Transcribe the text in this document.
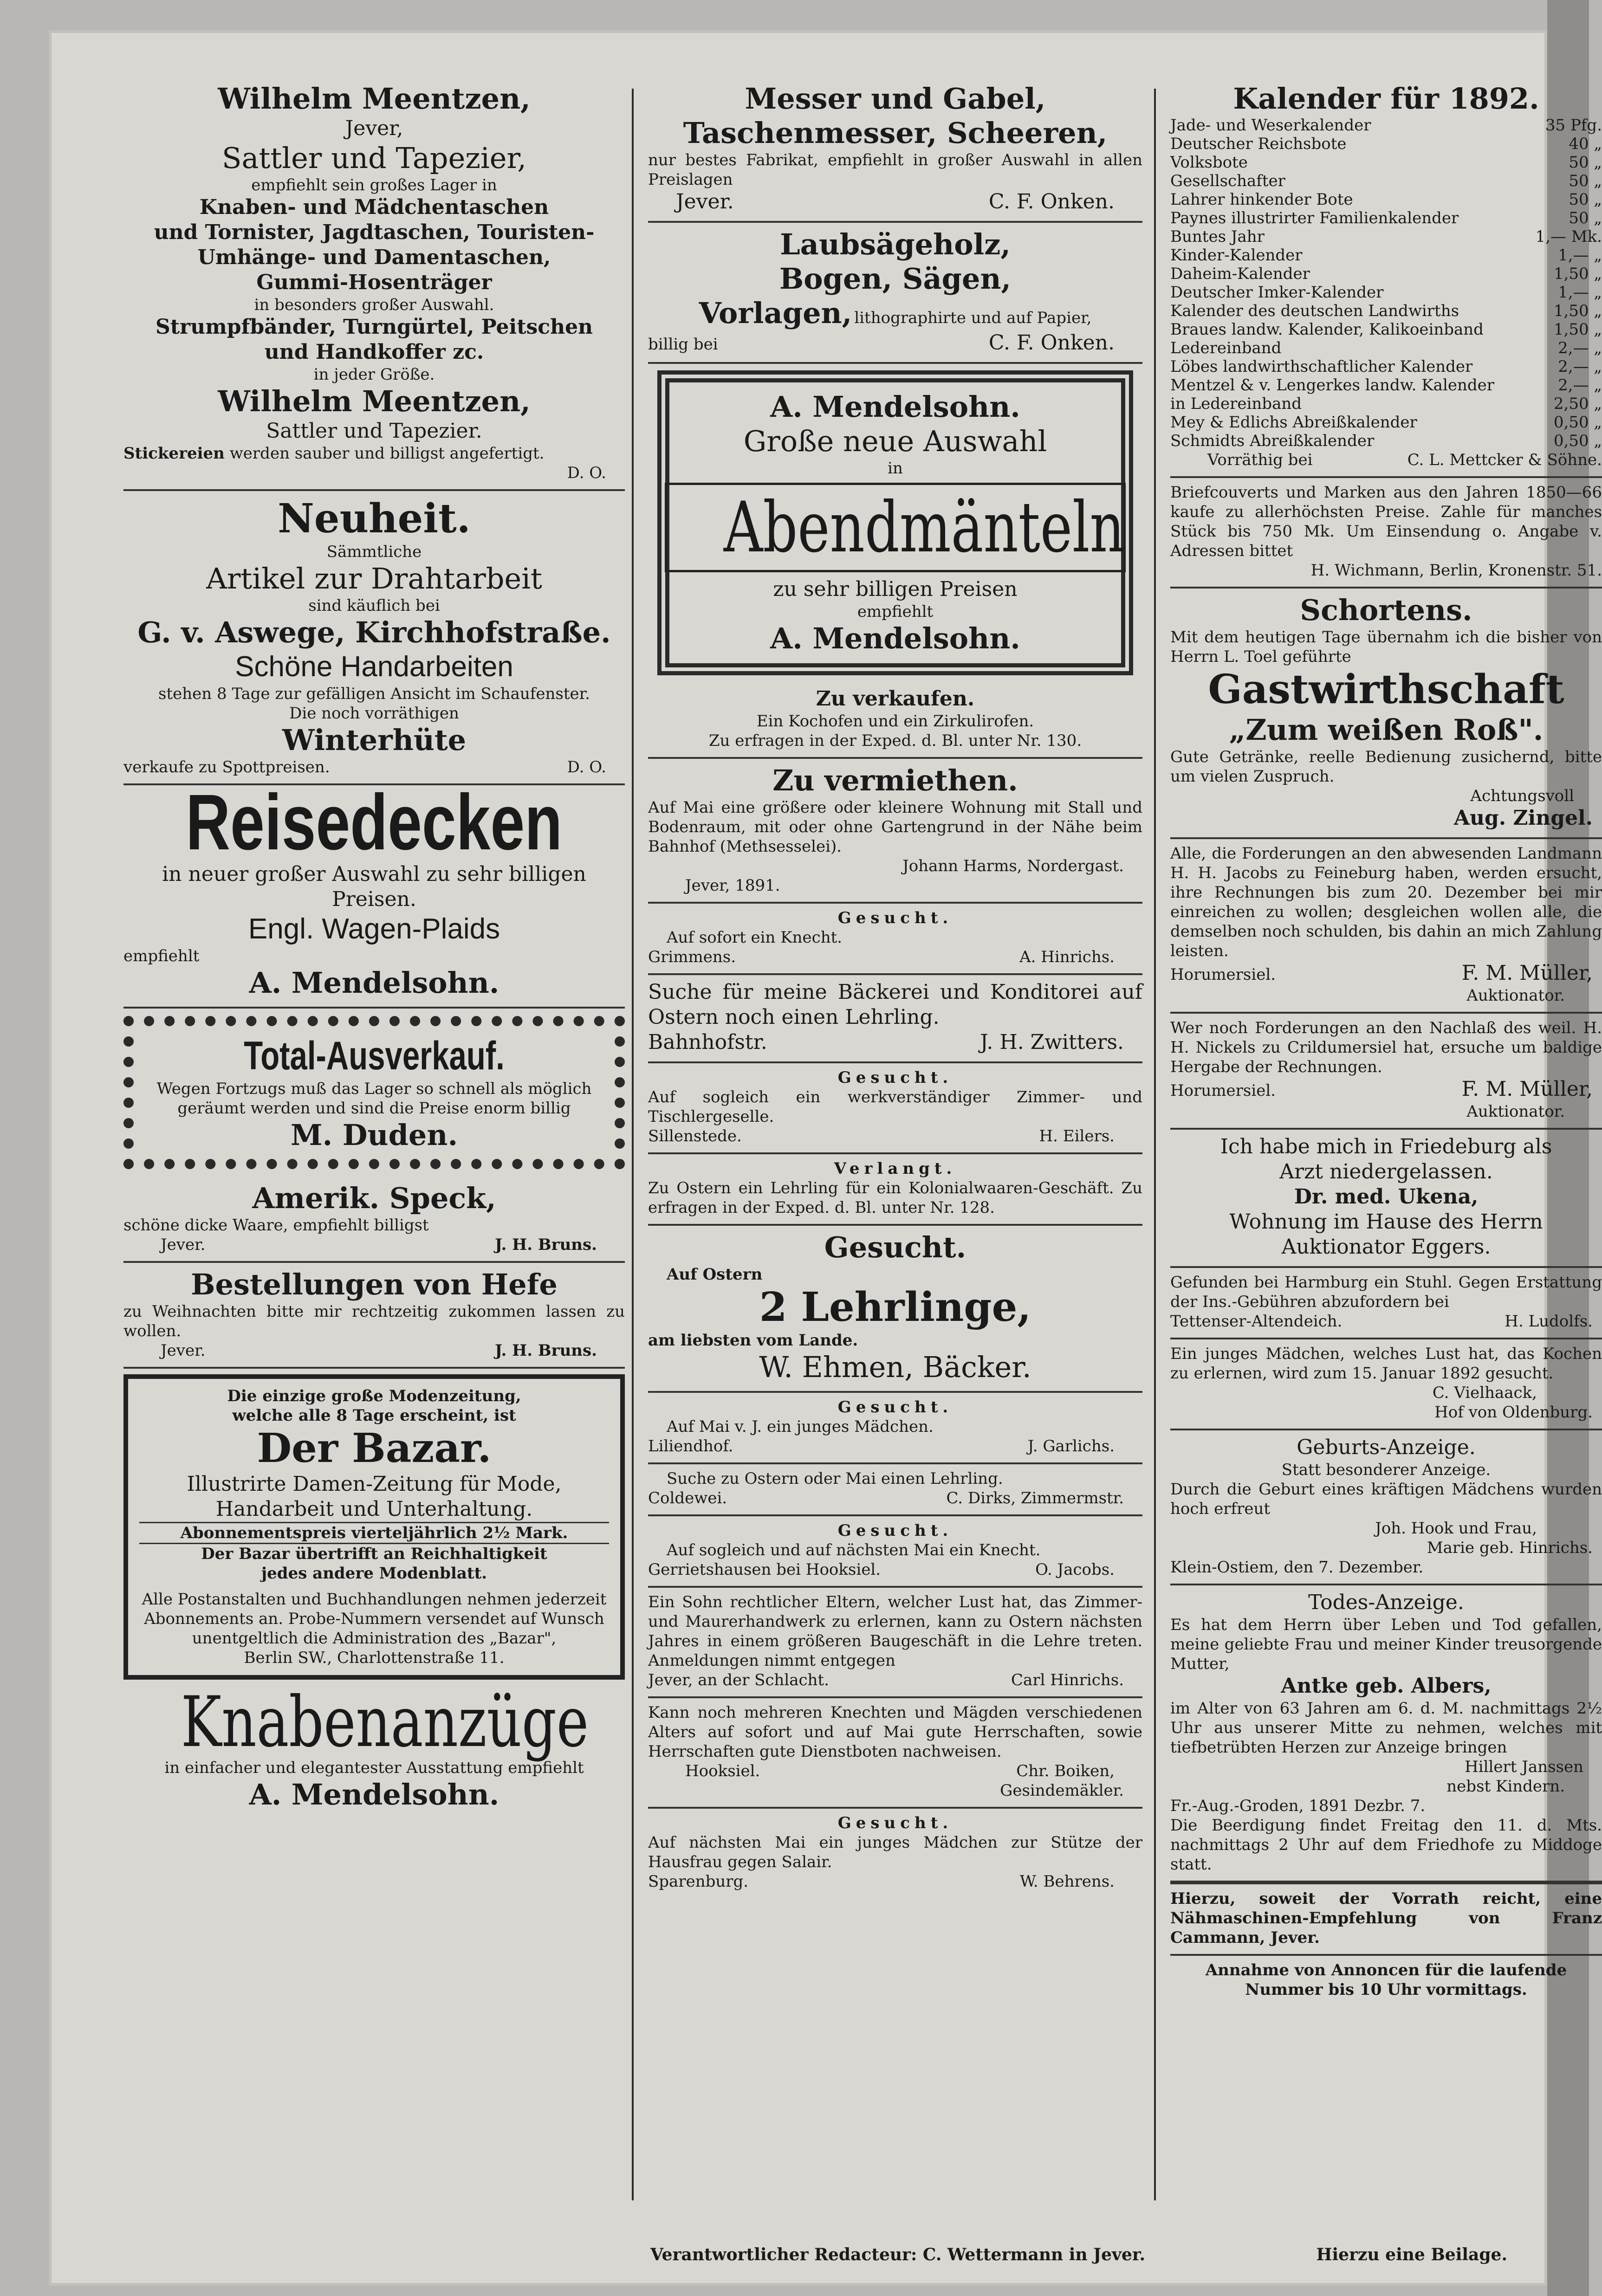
Wilhelm Meentzen,
Jever,
Sattler und Tapezier,
empfiehlt sein großes Lager in
Knaben- und Mädchentaschen
und Tornister, Jagdtaschen, Touristen-
Umhänge- und Damentaschen,
Gummi-Hosenträger
in besonders großer Auswahl.
Strumpfbänder, Turngürtel, Peitschen
und Handkoffer zc.
in jeder Größe.
Wilhelm Meentzen,
Sattler und Tapezier.
Stickereien werden sauber und billigst angefertigt.
D. O.
Neuheit.
Sämmtliche
Artikel zur Drahtarbeit
sind käuflich bei
G. v. Aswege, Kirchhofstraße.
Schöne Handarbeiten
stehen 8 Tage zur gefälligen Ansicht im Schaufenster.
Die noch vorräthigen
Winterhüte
verkaufe zu Spottpreisen.	D. O.
Reisedecken
in neuer großer Auswahl zu sehr billigen Preisen.
Engl. Wagen-Plaids
empfiehlt
A. Mendelsohn.
Total-Ausverkauf.
Wegen Fortzugs muß das Lager so schnell als möglich geräumt werden und sind die Preise enorm billig
M. Duden.
Amerik. Speck,
schöne dicke Waare, empfiehlt billigst
Jever.	J. H. Bruns.
Bestellungen von Hefe
zu Weihnachten bitte mir rechtzeitig zukommen lassen zu wollen.
Jever.	J. H. Bruns.
Die einzige große Modenzeitung,
welche alle 8 Tage erscheint, ist
Der Bazar.
Illustrirte Damen-Zeitung für Mode,
Handarbeit und Unterhaltung.
Abonnementspreis vierteljährlich 2½ Mark.
Der Bazar übertrifft an Reichhaltigkeit
jedes andere Modenblatt.
Alle Postanstalten und Buchhandlungen nehmen jederzeit Abonnements an. Probe-Nummern versendet auf Wunsch unentgeltlich die Administration des „Bazar",
Berlin SW., Charlottenstraße 11.
Knabenanzüge
in einfacher und elegantester Ausstattung empfiehlt
A. Mendelsohn.
Messer und Gabel,
Taschenmesser, Scheeren,
nur bestes Fabrikat, empfiehlt in großer Auswahl in allen Preislagen
Jever.	C. F. Onken.
Laubsägeholz,
Bogen, Sägen,
Vorlagen, lithographirte und auf Papier,
billig bei	C. F. Onken.
A. Mendelsohn.
Große neue Auswahl
in
Abendmänteln
zu sehr billigen Preisen
empfiehlt
A. Mendelsohn.
Zu verkaufen.
Ein Kochofen und ein Zirkulirofen.
Zu erfragen in der Exped. d. Bl. unter Nr. 130.
Zu vermiethen.
Auf Mai eine größere oder kleinere Wohnung mit Stall und Bodenraum, mit oder ohne Gartengrund in der Nähe beim Bahnhof (Methsesselei).
Johann Harms, Nordergast.
Jever, 1891.
Gesucht.
Auf sofort ein Knecht.
Grimmens.	A. Hinrichs.
Suche für meine Bäckerei und Konditorei auf Ostern noch einen Lehrling.
Bahnhofstr.	J. H. Zwitters.
Gesucht.
Auf sogleich ein werkverständiger Zimmer- und Tischlergeselle.
Sillenstede.	H. Eilers.
Verlangt.
Zu Ostern ein Lehrling für ein Kolonialwaaren-Geschäft. Zu erfragen in der Exped. d. Bl. unter Nr. 128.
Gesucht.
Auf Ostern
2 Lehrlinge,
am liebsten vom Lande.
W. Ehmen, Bäcker.
Gesucht.
Auf Mai v. J. ein junges Mädchen.
Liliendhof.	J. Garlichs.
Suche zu Ostern oder Mai einen Lehrling.
Coldewei.	C. Dirks, Zimmermstr.
Gesucht.
Auf sogleich und auf nächsten Mai ein Knecht.
Gerrietshausen bei Hooksiel.	O. Jacobs.
Ein Sohn rechtlicher Eltern, welcher Lust hat, das Zimmer- und Maurerhandwerk zu erlernen, kann zu Ostern nächsten Jahres in einem größeren Baugeschäft in die Lehre treten. Anmeldungen nimmt entgegen
Jever, an der Schlacht.	Carl Hinrichs.
Kann noch mehreren Knechten und Mägden verschiedenen Alters auf sofort und auf Mai gute Herrschaften, sowie Herrschaften gute Dienstboten nachweisen.
Hooksiel.	Chr. Boiken,
Gesindemäkler.
Gesucht.
Auf nächsten Mai ein junges Mädchen zur Stütze der Hausfrau gegen Salair.
Sparenburg.	W. Behrens.
Kalender für 1892.
Jade- und Weserkalender	35 Pfg.
Deutscher Reichsbote	40 „
Volksbote	50 „
Gesellschafter	50 „
Lahrer hinkender Bote	50 „
Paynes illustrirter Familienkalender	50 „
Buntes Jahr	1,— Mk.
Kinder-Kalender	1,— „
Daheim-Kalender	1,50 „
Deutscher Imker-Kalender	1,— „
Kalender des deutschen Landwirths	1,50 „
Braues landw. Kalender, Kalikoeinband	1,50 „
Ledereinband	2,— „
Löbes landwirthschaftlicher Kalender	2,— „
Mentzel & v. Lengerkes landw. Kalender	2,— „
in Ledereinband	2,50 „
Mey & Edlichs Abreißkalender	0,50 „
Schmidts Abreißkalender	0,50 „
Vorräthig bei	C. L. Mettcker & Söhne.
Briefcouverts und Marken aus den Jahren 1850—66 kaufe zu allerhöchsten Preise. Zahle für manches Stück bis 750 Mk. Um Einsendung o. Angabe v. Adressen bittet
H. Wichmann, Berlin, Kronenstr. 51.
Schortens.
Mit dem heutigen Tage übernahm ich die bisher von Herrn L. Toel geführte
Gastwirthschaft
„Zum weißen Roß".
Gute Getränke, reelle Bedienung zusichernd, bitte um vielen Zuspruch.
Achtungsvoll
Aug. Zingel.
Alle, die Forderungen an den abwesenden Landmann H. H. Jacobs zu Feineburg haben, werden ersucht, ihre Rechnungen bis zum 20. Dezember bei mir einreichen zu wollen; desgleichen wollen alle, die demselben noch schulden, bis dahin an mich Zahlung leisten.
Horumersiel.	F. M. Müller,
Auktionator.
Wer noch Forderungen an den Nachlaß des weil. H. H. Nickels zu Crildumersiel hat, ersuche um baldige Hergabe der Rechnungen.
Horumersiel.	F. M. Müller,
Auktionator.
Ich habe mich in Friedeburg als
Arzt niedergelassen.
Dr. med. Ukena,
Wohnung im Hause des Herrn
Auktionator Eggers.
Gefunden bei Harmburg ein Stuhl. Gegen Erstattung der Ins.-Gebühren abzufordern bei
Tettenser-Altendeich.	H. Ludolfs.
Ein junges Mädchen, welches Lust hat, das Kochen zu erlernen, wird zum 15. Januar 1892 gesucht.
C. Vielhaack,
Hof von Oldenburg.
Geburts-Anzeige.
Statt besonderer Anzeige.
Durch die Geburt eines kräftigen Mädchens wurden hoch erfreut
Joh. Hook und Frau,
Marie geb. Hinrichs.
Klein-Ostiem, den 7. Dezember.
Todes-Anzeige.
Es hat dem Herrn über Leben und Tod gefallen, meine geliebte Frau und meiner Kinder treusorgende Mutter,
Antke geb. Albers,
im Alter von 63 Jahren am 6. d. M. nachmittags 2½ Uhr aus unserer Mitte zu nehmen, welches mit tiefbetrübten Herzen zur Anzeige bringen
Hillert Janssen
nebst Kindern.
Fr.-Aug.-Groden, 1891 Dezbr. 7.
Die Beerdigung findet Freitag den 11. d. Mts. nachmittags 2 Uhr auf dem Friedhofe zu Middoge statt.
Hierzu, soweit der Vorrath reicht, eine Nähmaschinen-Empfehlung von Franz Cammann, Jever.
Annahme von Annoncen für die laufende Nummer bis 10 Uhr vormittags.
Verantwortlicher Redacteur: C. Wettermann in Jever.	Hierzu eine Beilage.
